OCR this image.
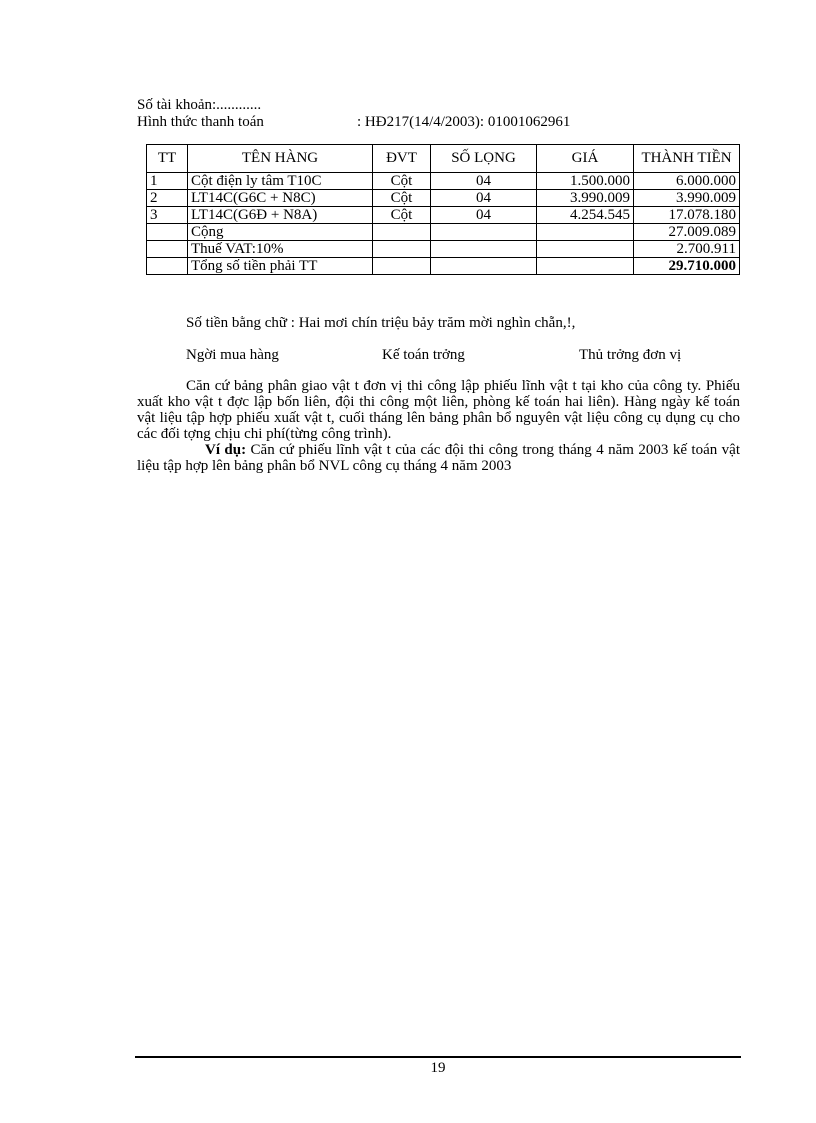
Số tài khoản:............
Hình thức thanh toán	: HĐ217(14/4/2003): 01001062961
TT	TÊN HÀNG	ĐVT	SỐ LỌNG	GIÁ	THÀNH TIỀN
1	Cột điện ly tâm T10C	Cột	04	1.500.000	6.000.000
2	LT14C(G6C + N8C)	Cột	04	3.990.009	3.990.009
3	LT14C(G6Đ + N8A)	Cột	04	4.254.545	17.078.180
	Cộng				27.009.089
	Thuế VAT:10%				2.700.911
	Tổng số tiền phải TT				29.710.000
Số tiền bằng chữ : Hai mơi chín triệu bảy trăm mời nghìn chẵn,!,
Ngời mua hàng	Kế toán trởng	Thủ trởng đơn vị

Căn cứ bảng phân giao vật t đơn vị thi công lập phiếu lĩnh vật t tại kho của công ty. Phiếu xuất kho vật t đợc lập bốn liên, đội thi công một liên, phòng kế toán hai liên). Hàng ngày kế toán vật liệu tập hợp phiếu xuất vật t, cuối tháng lên bảng phân bổ nguyên vật liệu công cụ dụng cụ cho các đối tợng chịu chi phí(từng công trình).

Ví dụ: Căn cứ phiếu lĩnh vật t của các đội thi công trong tháng 4 năm 2003 kế toán vật liệu tập hợp lên bảng phân bổ NVL công cụ tháng 4 năm 2003

19
